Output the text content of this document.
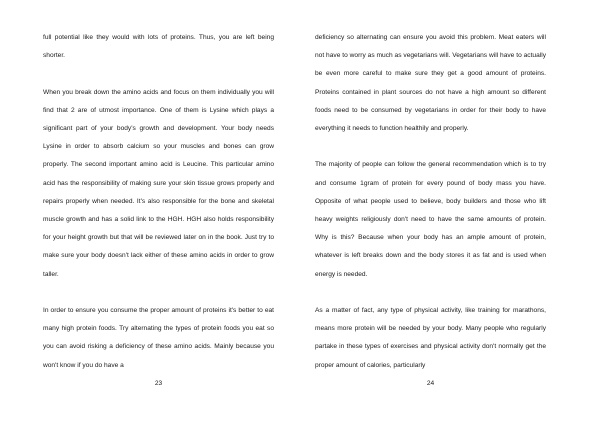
full potential like they would with lots of proteins. Thus, you are left being shorter.

When you break down the amino acids and focus on them individually you will find that 2 are of utmost importance. One of them is Lysine which plays a significant part of your body's growth and development. Your body needs Lysine in order to absorb calcium so your muscles and bones can grow properly. The second important amino acid is Leucine. This particular amino acid has the responsibility of making sure your skin tissue grows properly and repairs properly when needed. It's also responsible for the bone and skeletal muscle growth and has a solid link to the HGH. HGH also holds responsibility for your height growth but that will be reviewed later on in the book. Just try to make sure your body doesn't lack either of these amino acids in order to grow taller.

In order to ensure you consume the proper amount of proteins it's better to eat many high protein foods. Try alternating the types of protein foods you eat so you can avoid risking a deficiency of these amino acids. Mainly because you won't know if you do have a

23

deficiency so alternating can ensure you avoid this problem. Meat eaters will not have to worry as much as vegetarians will. Vegetarians will have to actually be even more careful to make sure they get a good amount of proteins. Proteins contained in plant sources do not have a high amount so different foods need to be consumed by vegetarians in order for their body to have everything it needs to function healthily and properly.

The majority of people can follow the general recommendation which is to try and consume 1gram of protein for every pound of body mass you have. Opposite of what people used to believe, body builders and those who lift heavy weights religiously don't need to have the same amounts of protein. Why is this? Because when your body has an ample amount of protein, whatever is left breaks down and the body stores it as fat and is used when energy is needed.

As a matter of fact, any type of physical activity, like training for marathons, means more protein will be needed by your body. Many people who regularly partake in these types of exercises and physical activity don't normally get the proper amount of calories, particularly

24
